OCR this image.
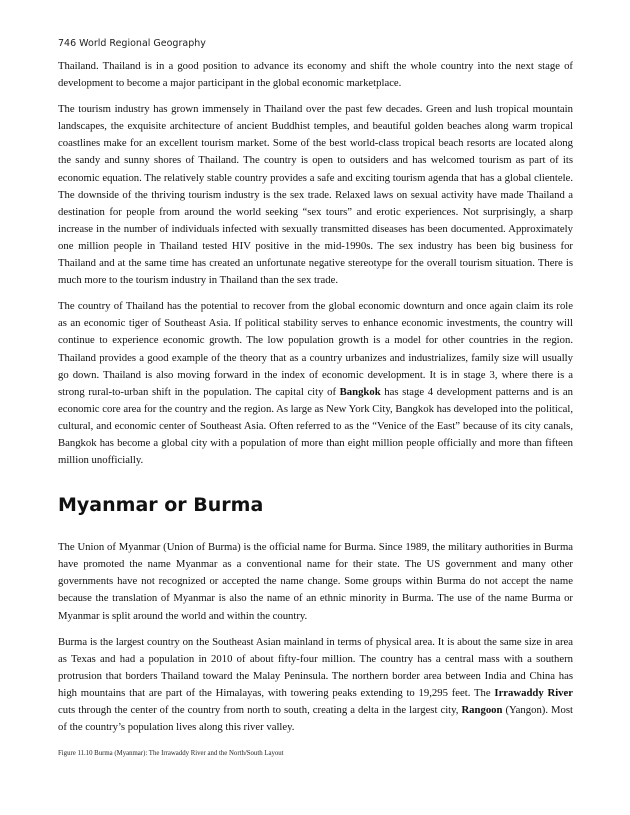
746 World Regional Geography

Thailand. Thailand is in a good position to advance its economy and shift the whole country into the next stage of development to become a major participant in the global economic marketplace.

The tourism industry has grown immensely in Thailand over the past few decades. Green and lush tropical mountain landscapes, the exquisite architecture of ancient Buddhist temples, and beautiful golden beaches along warm tropical coastlines make for an excellent tourism market. Some of the best world-class tropical beach resorts are located along the sandy and sunny shores of Thailand. The country is open to outsiders and has welcomed tourism as part of its economic equation. The relatively stable country provides a safe and exciting tourism agenda that has a global clientele. The downside of the thriving tourism industry is the sex trade. Relaxed laws on sexual activity have made Thailand a destination for people from around the world seeking “sex tours” and erotic experiences. Not surprisingly, a sharp increase in the number of individuals infected with sexually transmitted diseases has been documented. Approximately one million people in Thailand tested HIV positive in the mid-1990s. The sex industry has been big business for Thailand and at the same time has created an unfortunate negative stereotype for the overall tourism situation. There is much more to the tourism industry in Thailand than the sex trade.

The country of Thailand has the potential to recover from the global economic downturn and once again claim its role as an economic tiger of Southeast Asia. If political stability serves to enhance economic investments, the country will continue to experience economic growth. The low population growth is a model for other countries in the region. Thailand provides a good example of the theory that as a country urbanizes and industrializes, family size will usually go down. Thailand is also moving forward in the index of economic development. It is in stage 3, where there is a strong rural-to-urban shift in the population. The capital city of Bangkok has stage 4 development patterns and is an economic core area for the country and the region. As large as New York City, Bangkok has developed into the political, cultural, and economic center of Southeast Asia. Often referred to as the “Venice of the East” because of its city canals, Bangkok has become a global city with a population of more than eight million people officially and more than fifteen million unofficially.

Myanmar or Burma

The Union of Myanmar (Union of Burma) is the official name for Burma. Since 1989, the military authorities in Burma have promoted the name Myanmar as a conventional name for their state. The US government and many other governments have not recognized or accepted the name change. Some groups within Burma do not accept the name because the translation of Myanmar is also the name of an ethnic minority in Burma. The use of the name Burma or Myanmar is split around the world and within the country.

Burma is the largest country on the Southeast Asian mainland in terms of physical area. It is about the same size in area as Texas and had a population in 2010 of about fifty-four million. The country has a central mass with a southern protrusion that borders Thailand toward the Malay Peninsula. The northern border area between India and China has high mountains that are part of the Himalayas, with towering peaks extending to 19,295 feet. The Irrawaddy River cuts through the center of the country from north to south, creating a delta in the largest city, Rangoon (Yangon). Most of the country’s population lives along this river valley.

Figure 11.10 Burma (Myanmar): The Irrawaddy River and the North/South Layout
